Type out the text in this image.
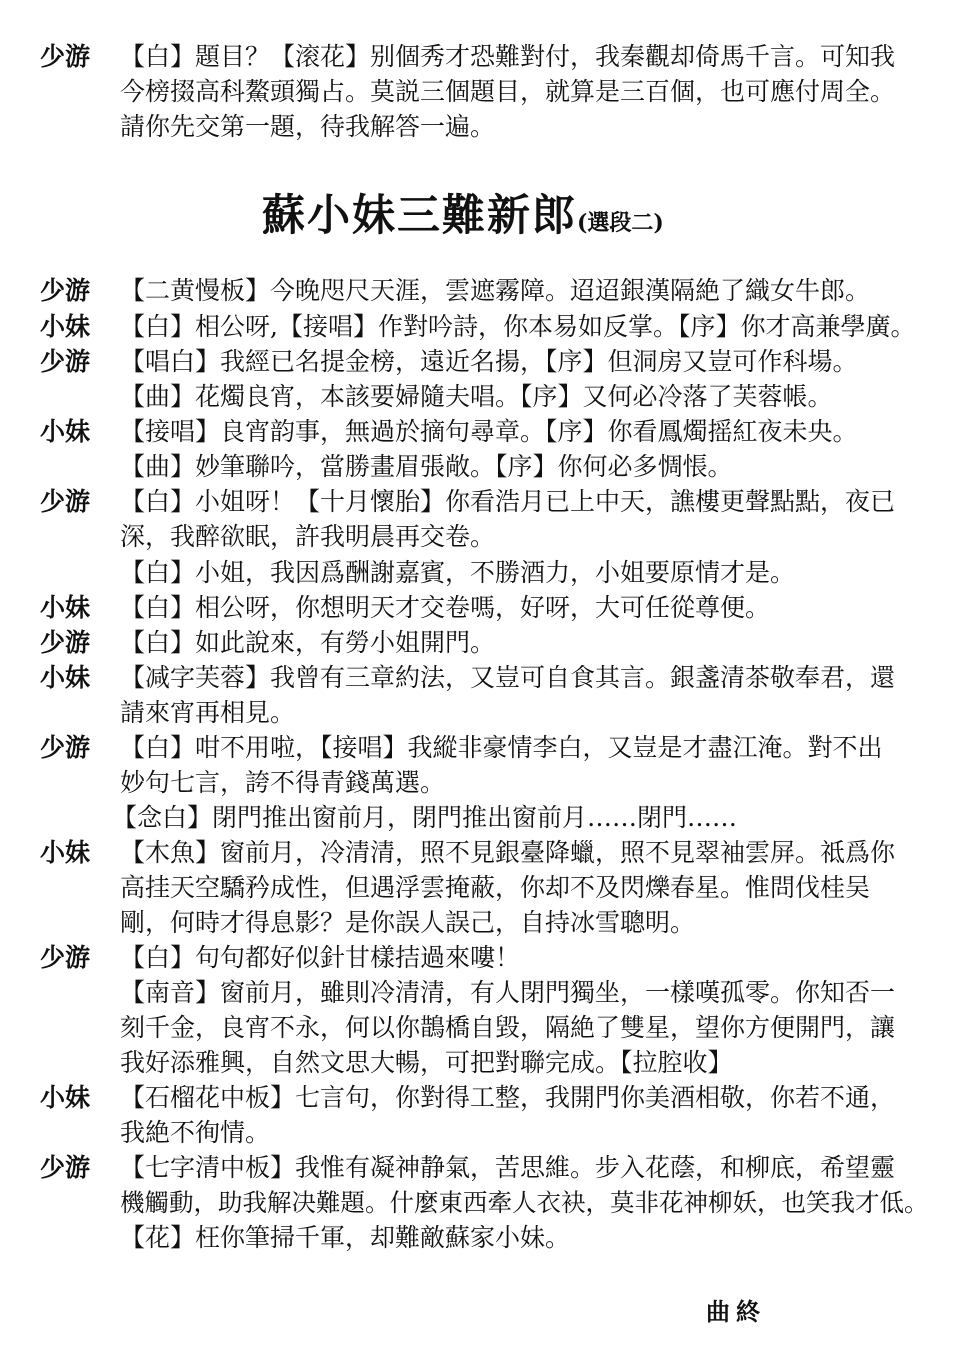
少游	【白】題目？【滚花】别個秀才恐難對付，我秦觀却倚馬千言。可知我
今榜掇高科鰲頭獨占。莫説三個題目，就算是三百個，也可應付周全。
請你先交第一題，待我解答一遍。
蘇小妹三難新郎(選段二)
少游	【二黄慢板】今晚咫尺天涯，雲遮霧障。迢迢銀漢隔絶了織女牛郎。
小妹	【白】相公呀,【接唱】作對吟詩，你本易如反掌。【序】你才高兼學廣。
少游	【唱白】我經已名提金榜，遠近名揚，【序】但洞房又豈可作科場。
【曲】花燭良宵，本該要婦隨夫唱。【序】又何必冷落了芙蓉帳。
小妹	【接唱】良宵韵事，無過於摘句尋章。【序】你看鳳燭摇紅夜未央。
【曲】妙筆聯吟，當勝畫眉張敞。【序】你何必多惆悵。
少游	【白】小姐呀！【十月懷胎】你看浩月已上中天，譙樓更聲點點，夜已
深，我醉欲眠，許我明晨再交卷。
【白】小姐，我因爲酬謝嘉賓，不勝酒力，小姐要原情才是。
小妹	【白】相公呀，你想明天才交卷嗎，好呀，大可任從尊便。
少游	【白】如此說來，有勞小姐開門。
小妹	【减字芙蓉】我曾有三章約法，又豈可自食其言。銀盞清茶敬奉君，還
請來宵再相見。
少游	【白】咁不用啦，【接唱】我縱非豪情李白，又豈是才盡江淹。對不出
妙句七言，誇不得青錢萬選。
【念白】閉門推出窗前月，閉門推出窗前月……閉門……
小妹	【木魚】窗前月，冷清清，照不見銀臺降蠟，照不見翠袖雲屏。祗爲你
高挂天空驕矜成性，但遇浮雲掩蔽，你却不及閃爍春星。惟問伐桂吴
剛，何時才得息影？是你誤人誤己，自持冰雪聰明。
少游	【白】句句都好似針甘樣拮過來嘍！
【南音】窗前月，雖則冷清清，有人閉門獨坐，一樣嘆孤零。你知否一
刻千金，良宵不永，何以你鵲橋自毀，隔絶了雙星，望你方便開門，讓
我好添雅興，自然文思大暢，可把對聯完成。【拉腔收】
小妹	【石榴花中板】七言句，你對得工整，我開門你美酒相敬，你若不通，
我絶不徇情。
少游	【七字清中板】我惟有凝神静氣，苦思維。步入花蔭，和柳底，希望靈
機觸動，助我解决難題。什麼東西牽人衣袂，莫非花神柳妖，也笑我才低。
【花】枉你筆掃千軍，却難敵蘇家小妹。
曲終
